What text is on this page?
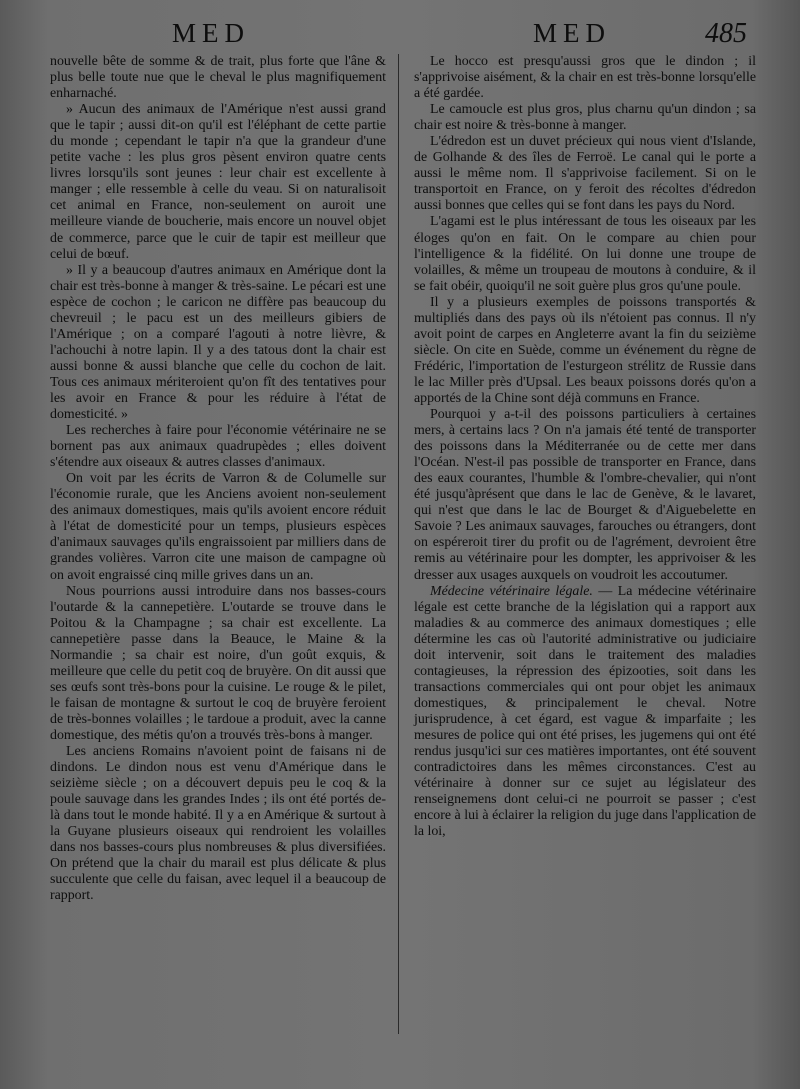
MED	MED	485

nouvelle bête de somme & de trait, plus forte que l'âne & plus belle toute nue que le cheval le plus magnifiquement enharnaché.

» Aucun des animaux de l'Amérique n'est aussi grand que le tapir ; aussi dit-on qu'il est l'éléphant de cette partie du monde ; cependant le tapir n'a que la grandeur d'une petite vache : les plus gros pèsent environ quatre cents livres lorsqu'ils sont jeunes : leur chair est excellente à manger ; elle ressemble à celle du veau. Si on naturalisoit cet animal en France, non-seulement on auroit une meilleure viande de boucherie, mais encore un nouvel objet de commerce, parce que le cuir de tapir est meilleur que celui de bœuf.

» Il y a beaucoup d'autres animaux en Amérique dont la chair est très-bonne à manger & très-saine. Le pécari est une espèce de cochon ; le caricon ne diffère pas beaucoup du chevreuil ; le pacu est un des meilleurs gibiers de l'Amérique ; on a comparé l'agouti à notre lièvre, & l'achouchi à notre lapin. Il y a des tatous dont la chair est aussi bonne & aussi blanche que celle du cochon de lait. Tous ces animaux mériteroient qu'on fît des tentatives pour les avoir en France & pour les réduire à l'état de domesticité. »

Les recherches à faire pour l'économie vétérinaire ne se bornent pas aux animaux quadrupèdes ; elles doivent s'étendre aux oiseaux & autres classes d'animaux.

On voit par les écrits de Varron & de Columelle sur l'économie rurale, que les Anciens avoient non-seulement des animaux domestiques, mais qu'ils avoient encore réduit à l'état de domesticité pour un temps, plusieurs espèces d'animaux sauvages qu'ils engraissoient par milliers dans de grandes volières. Varron cite une maison de campagne où on avoit engraissé cinq mille grives dans un an.

Nous pourrions aussi introduire dans nos basses-cours l'outarde & la cannepetière. L'outarde se trouve dans le Poitou & la Champagne ; sa chair est excellente. La cannepetière passe dans la Beauce, le Maine & la Normandie ; sa chair est noire, d'un goût exquis, & meilleure que celle du petit coq de bruyère. On dit aussi que ses œufs sont très-bons pour la cuisine. Le rouge & le pilet, le faisan de montagne & surtout le coq de bruyère feroient de très-bonnes volailles ; le tardoue a produit, avec la canne domestique, des métis qu'on a trouvés très-bons à manger.

Les anciens Romains n'avoient point de faisans ni de dindons. Le dindon nous est venu d'Amérique dans le seizième siècle ; on a découvert depuis peu le coq & la poule sauvage dans les grandes Indes ; ils ont été portés de-là dans tout le monde habité. Il y a en Amérique & surtout à la Guyane plusieurs oiseaux qui rendroient les volailles dans nos basses-cours plus nombreuses & plus diversifiées. On prétend que la chair du marail est plus délicate & plus succulente que celle du faisan, avec lequel il a beaucoup de rapport.

Le hocco est presqu'aussi gros que le dindon ; il s'apprivoise aisément, & la chair en est très-bonne lorsqu'elle a été gardée.

Le camoucle est plus gros, plus charnu qu'un dindon ; sa chair est noire & très-bonne à manger.

L'édredon est un duvet précieux qui nous vient d'Islande, de Golhande & des îles de Ferroë. Le canal qui le porte a aussi le même nom. Il s'apprivoise facilement. Si on le transportoit en France, on y feroit des récoltes d'édredon aussi bonnes que celles qui se font dans les pays du Nord.

L'agami est le plus intéressant de tous les oiseaux par les éloges qu'on en fait. On le compare au chien pour l'intelligence & la fidélité. On lui donne une troupe de volailles, & même un troupeau de moutons à conduire, & il se fait obéir, quoiqu'il ne soit guère plus gros qu'une poule.

Il y a plusieurs exemples de poissons transportés & multipliés dans des pays où ils n'étoient pas connus. Il n'y avoit point de carpes en Angleterre avant la fin du seizième siècle. On cite en Suède, comme un événement du règne de Frédéric, l'importation de l'esturgeon strélitz de Russie dans le lac Miller près d'Upsal. Les beaux poissons dorés qu'on a apportés de la Chine sont déjà communs en France.

Pourquoi y a-t-il des poissons particuliers à certaines mers, à certains lacs ? On n'a jamais été tenté de transporter des poissons dans la Méditerranée ou de cette mer dans l'Océan. N'est-il pas possible de transporter en France, dans des eaux courantes, l'humble & l'ombre-chevalier, qui n'ont été jusqu'àprésent que dans le lac de Genève, & le lavaret, qui n'est que dans le lac de Bourget & d'Aiguebelette en Savoie ? Les animaux sauvages, farouches ou étrangers, dont on espéreroit tirer du profit ou de l'agrément, devroient être remis au vétérinaire pour les dompter, les apprivoiser & les dresser aux usages auxquels on voudroit les accoutumer.

Médecine vétérinaire légale. — La médecine vétérinaire légale est cette branche de la législation qui a rapport aux maladies & au commerce des animaux domestiques ; elle détermine les cas où l'autorité administrative ou judiciaire doit intervenir, soit dans le traitement des maladies contagieuses, la répression des épizooties, soit dans les transactions commerciales qui ont pour objet les animaux domestiques, & principalement le cheval. Notre jurisprudence, à cet égard, est vague & imparfaite ; les mesures de police qui ont été prises, les jugemens qui ont été rendus jusqu'ici sur ces matières importantes, ont été souvent contradictoires dans les mêmes circonstances. C'est au vétérinaire à donner sur ce sujet au législateur des renseignemens dont celui-ci ne pourroit se passer ; c'est encore à lui à éclairer la religion du juge dans l'application de la loi,
